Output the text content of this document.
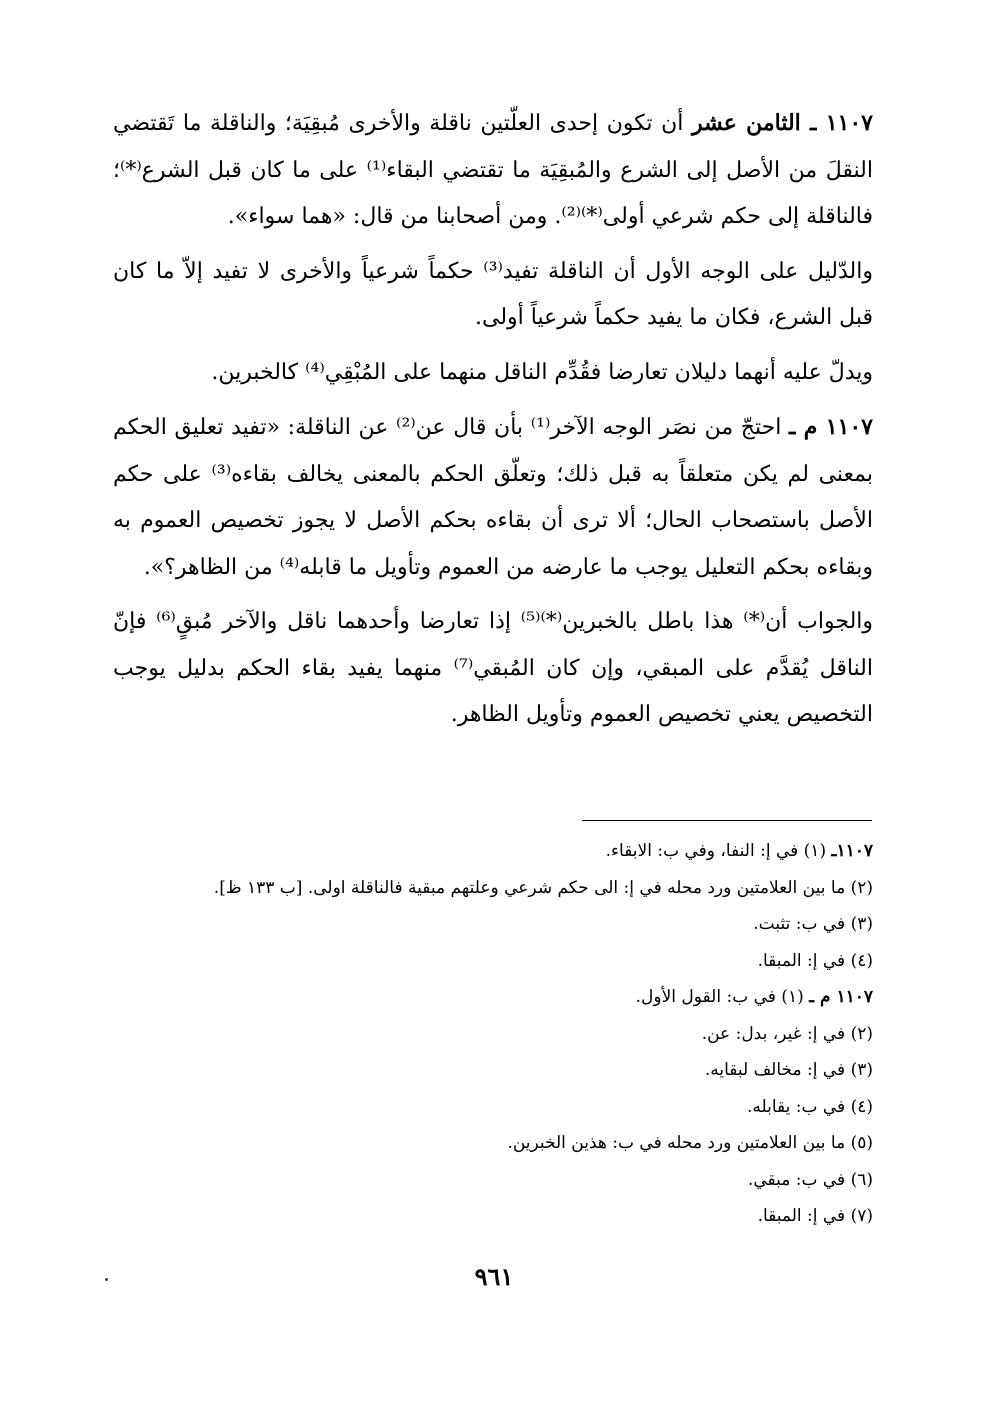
١١٠٧ ـ الثامن عشر أن تكون إحدى العلّتين ناقلة والأخرى مُبقِيَة؛ والناقلة ما تَقتضي النقلَ من الأصل إلى الشرع والمُبقِيَة ما تقتضي البقاء⁽¹⁾ على ما كان قبل الشرع⁽*⁾؛ فالناقلة إلى حكم شرعي أولى⁽*⁾⁽²⁾. ومن أصحابنا من قال: «هما سواء».

والدّليل على الوجه الأول أن الناقلة تفيد⁽³⁾ حكماً شرعياً والأخرى لا تفيد إلاّ ما كان قبل الشرع، فكان ما يفيد حكماً شرعياً أولى.

ويدلّ عليه أنهما دليلان تعارضا فقُدِّم الناقل منهما على المُبْقِي⁽⁴⁾ كالخبرين.

١١٠٧ م ـ احتجّ من نصَر الوجه الآخر⁽¹⁾ بأن قال عن⁽²⁾ عن الناقلة: «تفيد تعليق الحكم بمعنى لم يكن متعلقاً به قبل ذلك؛ وتعلّق الحكم بالمعنى يخالف بقاءه⁽³⁾ على حكم الأصل باستصحاب الحال؛ ألا ترى أن بقاءه بحكم الأصل لا يجوز تخصيص العموم به وبقاءه بحكم التعليل يوجب ما عارضه من العموم وتأويل ما قابله⁽⁴⁾ من الظاهر؟».

والجواب أن⁽*⁾ هذا باطل بالخبرين⁽*⁾⁽⁵⁾ إذا تعارضا وأحدهما ناقل والآخر مُبقٍ⁽⁶⁾ فإنّ الناقل يُقدَّم على المبقي، وإن كان المُبقي⁽⁷⁾ منهما يفيد بقاء الحكم بدليل يوجب التخصيص يعني تخصيص العموم وتأويل الظاهر.

١١٠٧ـ (١) في إ: النفا، وفي ب: الابقاء.

(٢) ما بين العلامتين ورد محله في إ: الى حكم شرعي وعلتهم مبقية فالناقلة اولى. [ب ١٣٣ ظ].

(٣) في ب: تثبت.

(٤) في إ: المبقا.

١١٠٧ م ـ (١) في ب: القول الأول.

(٢) في إ: غير، بدل: عن.

(٣) في إ: مخالف لبقايه.

(٤) في ب: يقابله.

(٥) ما بين العلامتين ورد محله في ب: هذين الخبرين.

(٦) في ب: مبقي.

(٧) في إ: المبقا.

٩٦١
